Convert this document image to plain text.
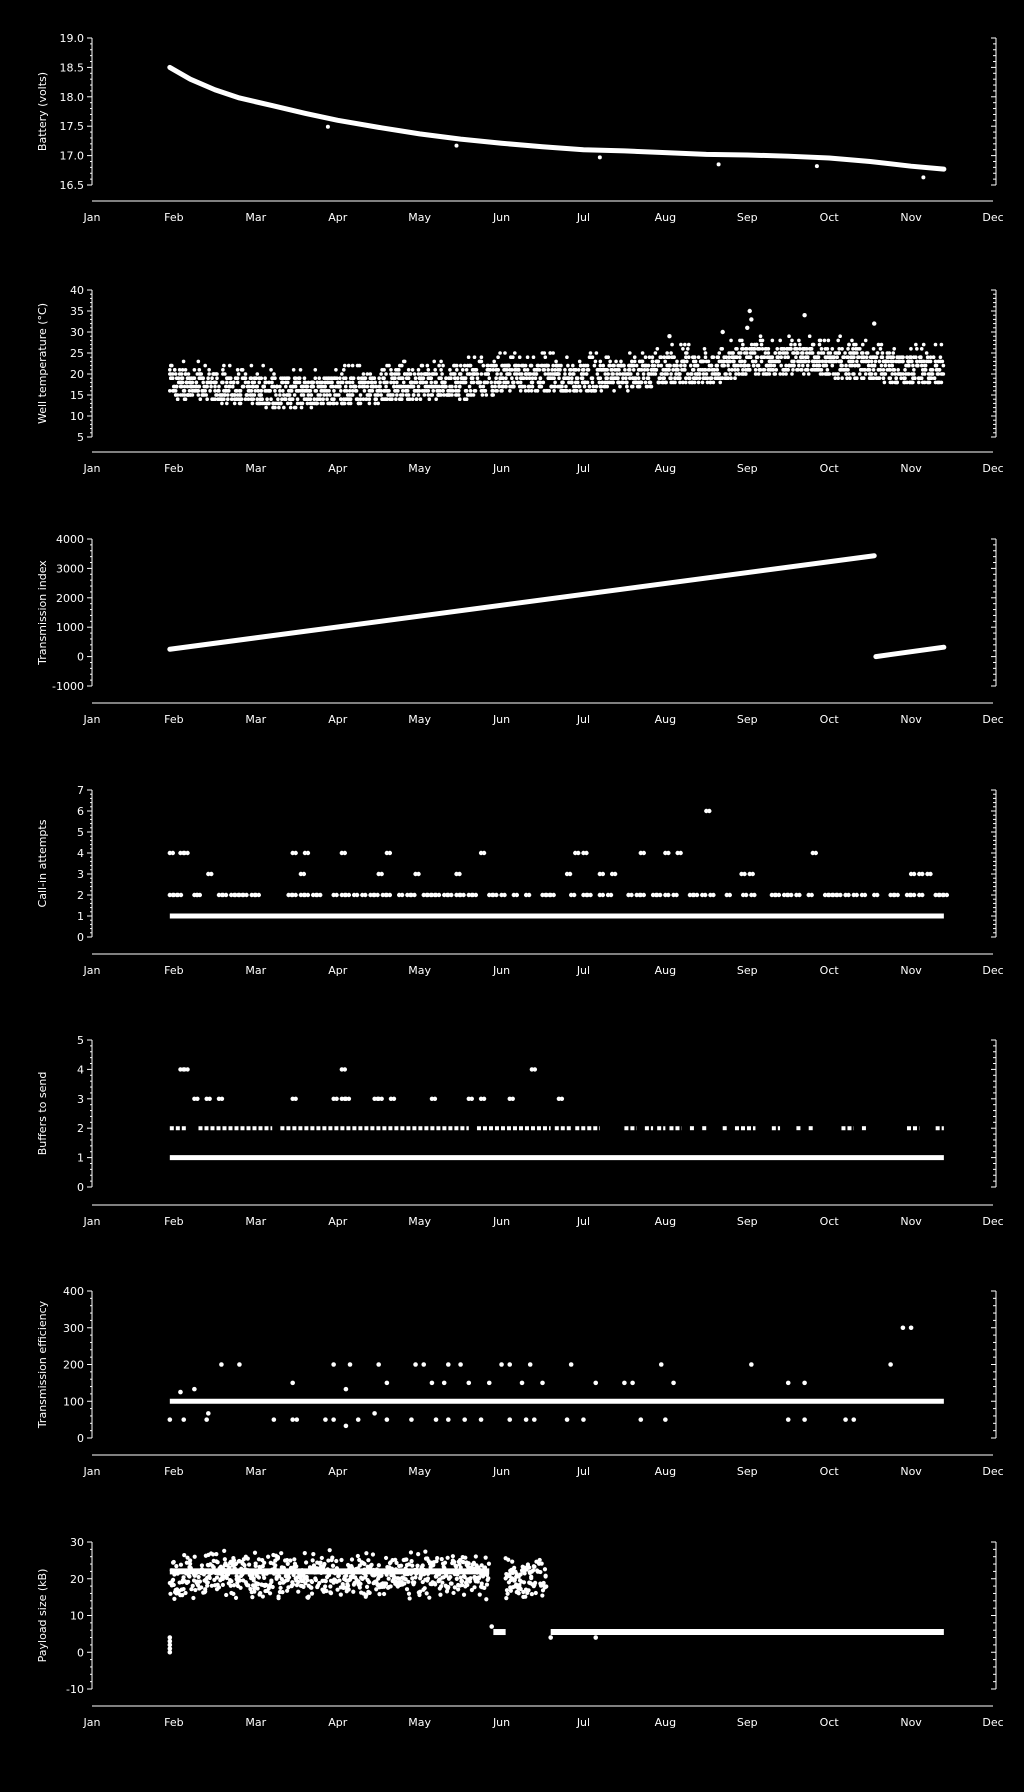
Jan	Feb	Mar	Apr	May	Jun	Jul	Aug	Sep	Oct	Nov	Dec
16.5
17.0
17.5
18.0
18.5
19.0
Battery (volts)
Jan	Feb	Mar	Apr	May	Jun	Jul	Aug	Sep	Oct	Nov	Dec
5
10
15
20
25
30
35
40
Well temperature (°C)
Jan	Feb	Mar	Apr	May	Jun	Jul	Aug	Sep	Oct	Nov	Dec
-1000
0
1000
2000
3000
4000
Transmission index
Jan	Feb	Mar	Apr	May	Jun	Jul	Aug	Sep	Oct	Nov	Dec
0
1
2
3
4
5
6
7
Call-in attempts
Jan	Feb	Mar	Apr	May	Jun	Jul	Aug	Sep	Oct	Nov	Dec
0
1
2
3
4
5
Buffers to send
Jan	Feb	Mar	Apr	May	Jun	Jul	Aug	Sep	Oct	Nov	Dec
0
100
200
300
400
Transmission efficiency
Jan	Feb	Mar	Apr	May	Jun	Jul	Aug	Sep	Oct	Nov	Dec
-10
0
10
20
30
Payload size (kB)
